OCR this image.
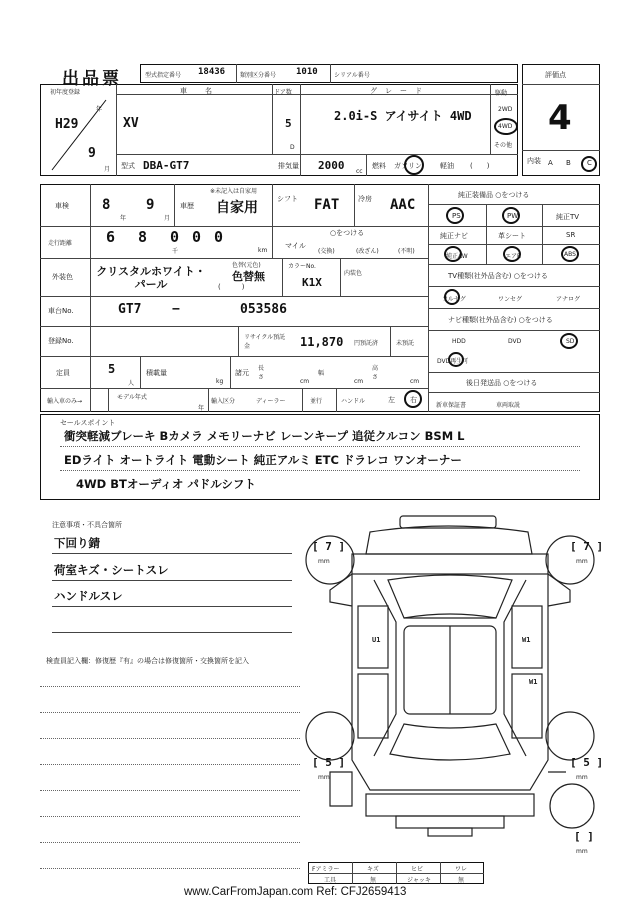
出品票	型式指定番号 18436 類別区分番号 1010	シリアル番号	評価点
4
内装 A B C
初年度登録
H29
年
9
月
車名
XV
ドア数
5
D
グレード
2.0i-S アイサイト 4WD
駆動
2WD
4WD
その他
型式 DBA-GT7	排気量 2000 cc
燃料 ガソリン	軽油 (　　)
車検 8
年
9
月
車歴
※未記入は自家用
自家用
シフト FAT	冷房 AAC
走行距離 6	8	0 0 0
千	km
マイル
○をつける
(交換)	(改ざん)	(不明)
外装色	クリスタルホワイト・パール
色替(元色)
色替無
(　　　)
カラーNo.
K1X
内装色
車台No.	GT7 −	053586
登録No.	リサイクル預託金	11,870 円預託済	未預託
定員	5
人
積載量
kg
諸元
長さ
cm
幅
cm
高さ
cm
輸入車のみ→
モデル年式
年
輸入区分	ディーラー	並行	ハンドル	左 右
純正装備品 ○をつける
PS	PW	純正TV
純正ナビ	革シート	SR
純正AW	エアB	ABS
TV種類(社外品含む) ○をつける
フルセグ	ワンセグ	アナログ
ナビ種類(社外品含む) ○をつける
HDD	DVD	SD
DVD再生可
後日発送品 ○をつける
新車保証書	車両取説
セールスポイント
衝突軽減ブレーキ Bカメラ メモリーナビ レーンキープ 追従クルコン BSM L
EDライト オートライト 電動シート 純正アルミ ETC ドラレコ ワンオーナー
4WD BTオーディオ パドルシフト
注意事項・不具合箇所
下回り錆
荷室キズ・シートスレ
ハンドルスレ
検査員記入欄：修復歴『有』の場合は修復箇所・交換箇所を記入
U1	W1
W1
[ 7 ]
mm
[ 7 ]
mm
[ 5 ]
mm
[ 5 ]
mm
[ ]
mm
Fアミラー	キズ	ヒビ	ワレ
工具	無	ジャッキ	無
www.CarFromJapan.com Ref: CFJ2659413
